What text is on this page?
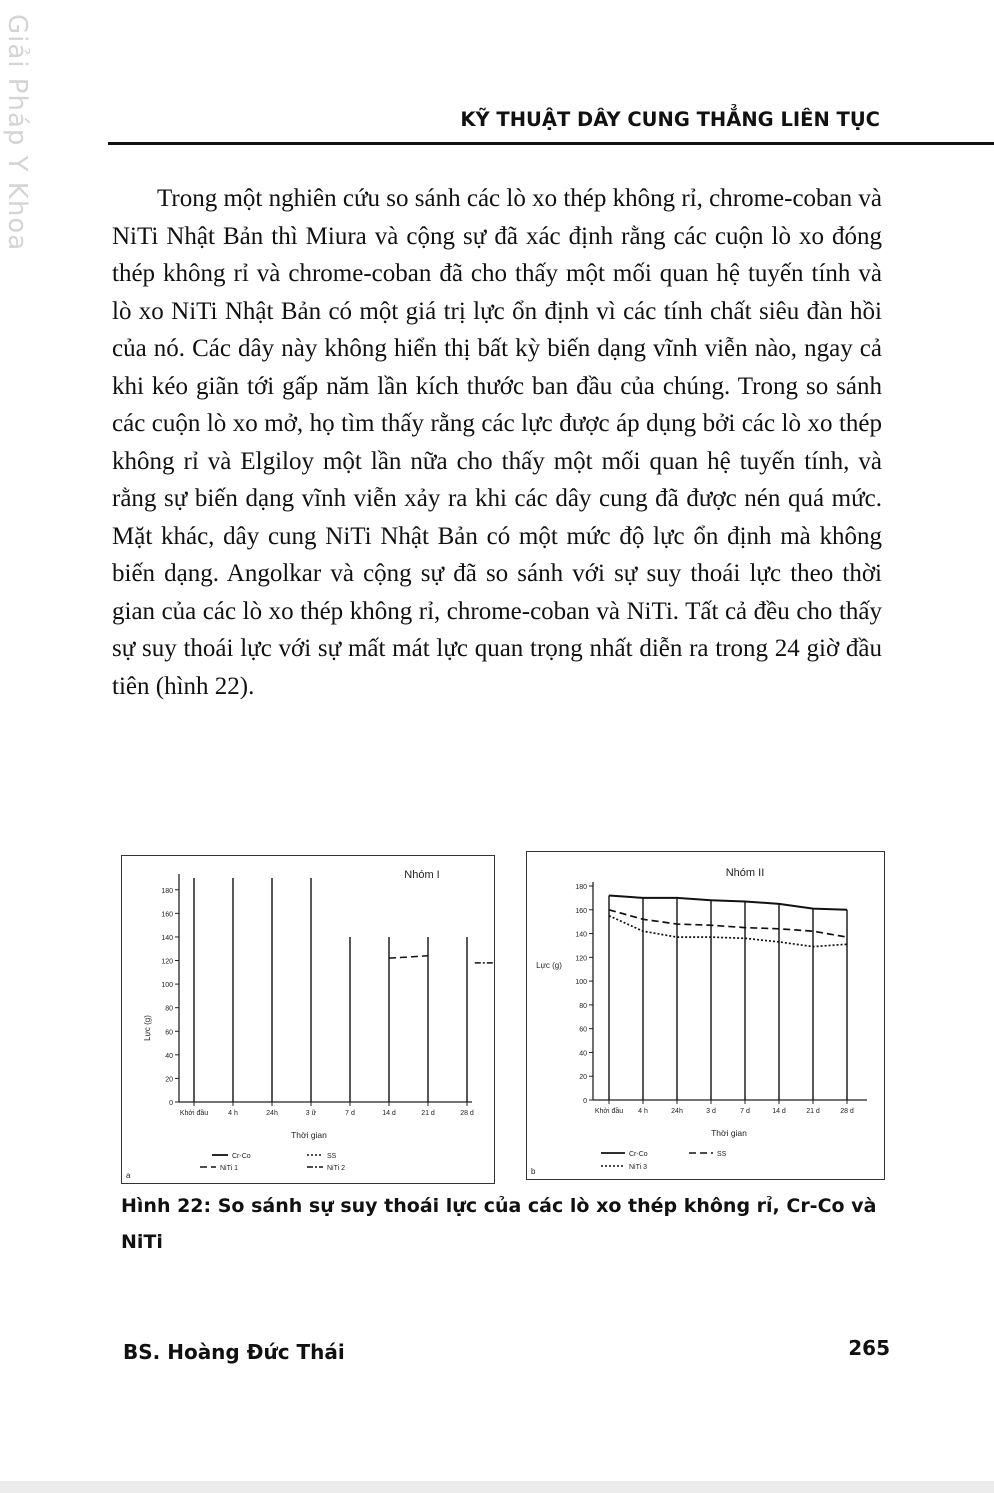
Giải Pháp Y Khoa	KỸ THUẬT DÂY CUNG THẲNG LIÊN TỤC

Trong một nghiên cứu so sánh các lò xo thép không rỉ, chrome-coban và NiTi Nhật Bản thì Miura và cộng sự đã xác định rằng các cuộn lò xo đóng thép không rỉ và chrome-coban đã cho thấy một mối quan hệ tuyến tính và lò xo NiTi Nhật Bản có một giá trị lực ổn định vì các tính chất siêu đàn hồi của nó. Các dây này không hiển thị bất kỳ biến dạng vĩnh viễn nào, ngay cả khi kéo giãn tới gấp năm lần kích thước ban đầu của chúng. Trong so sánh các cuộn lò xo mở, họ tìm thấy rằng các lực được áp dụng bởi các lò xo thép không rỉ và Elgiloy một lần nữa cho thấy một mối quan hệ tuyến tính, và rằng sự biến dạng vĩnh viễn xảy ra khi các dây cung đã được nén quá mức. Mặt khác, dây cung NiTi Nhật Bản có một mức độ lực ổn định mà không biến dạng. Angolkar và cộng sự đã so sánh với sự suy thoái lực theo thời gian của các lò xo thép không rỉ, chrome-coban và NiTi. Tất cả đều cho thấy sự suy thoái lực với sự mất mát lực quan trọng nhất diễn ra trong 24 giờ đầu tiên (hình 22).

0
20
40
60
80
100
120
140
160
180
Khởi đầu	4 h	24h	3 ữ	7 d	14 d	21 d	28 d
Nhóm I
Lực (g)
Thời gian
Cr-Co	SS
NiTi 1	NiTi 2
a
0
20
40
60
80
100
120
140
160
180
Khởi đầu 4 h	24h	3 d	7 d	14 d	21 d	28 d
Nhóm II
Lực (g)
Thời gian
Cr-Co	SS
NiTi 3
b

Hình 22: So sánh sự suy thoái lực của các lò xo thép không rỉ, Cr-Co và NiTi

BS. Hoàng Đức Thái	265
